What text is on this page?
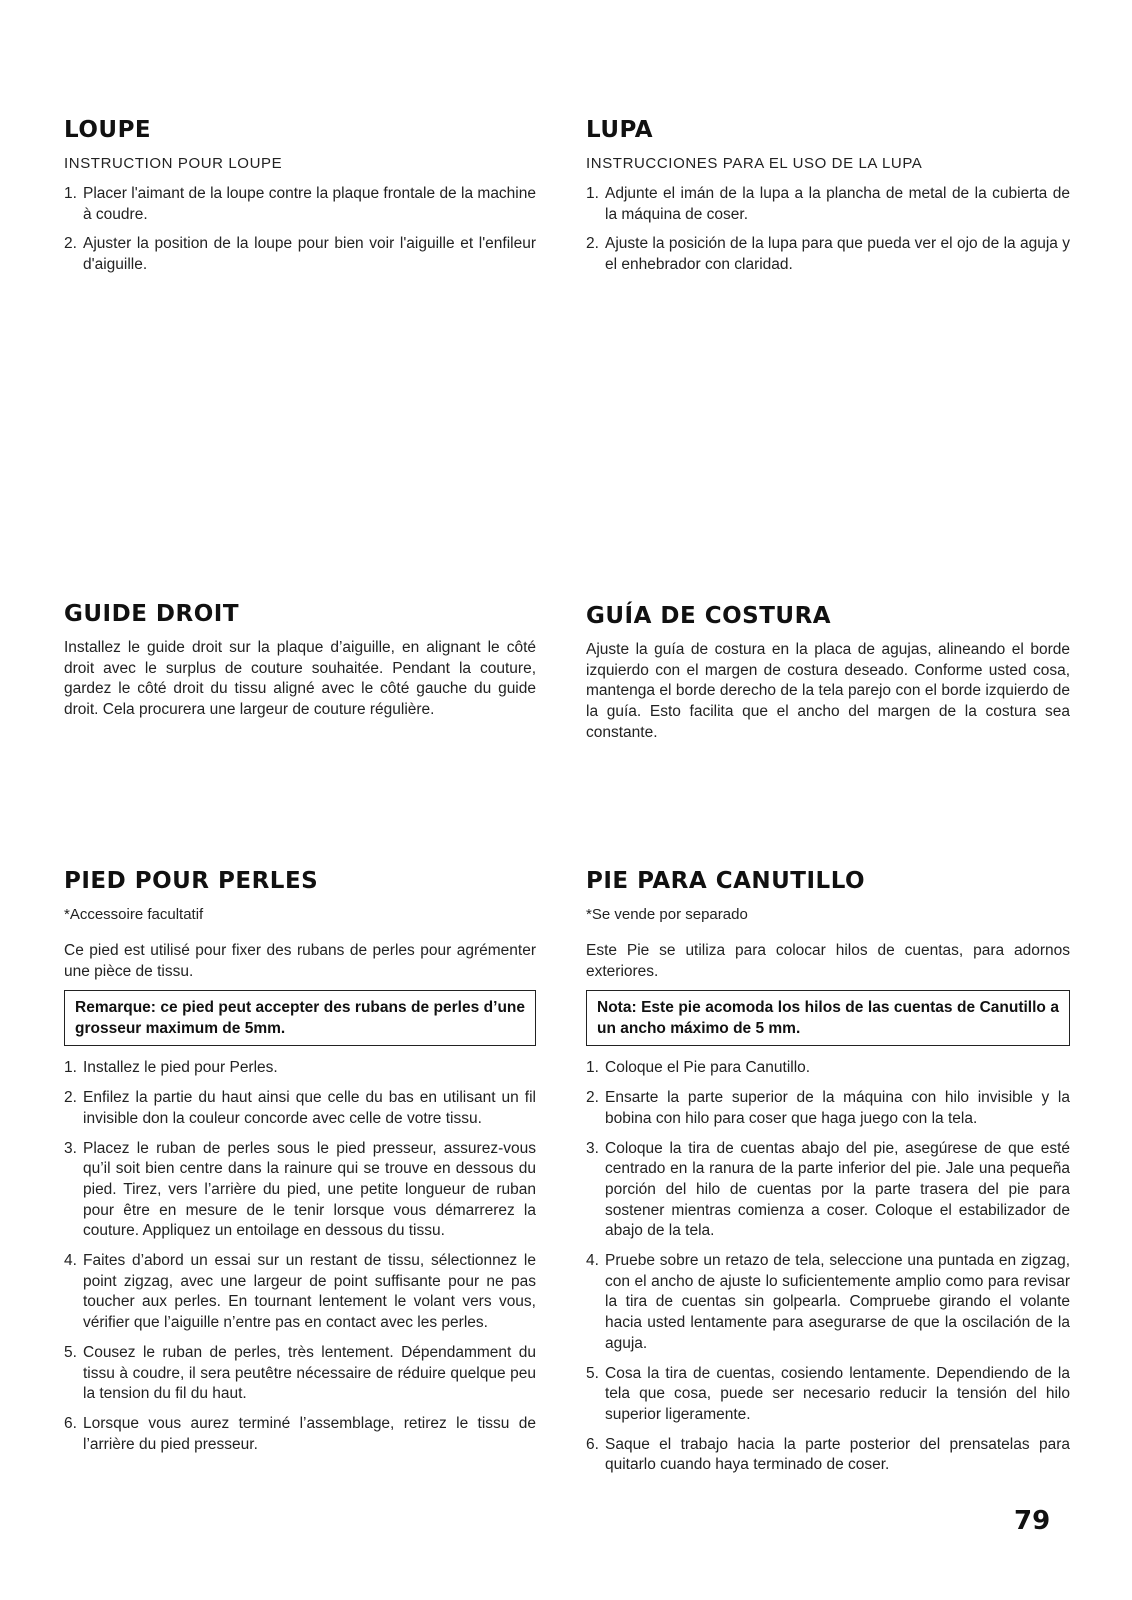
LOUPE
INSTRUCTION POUR LOUPE
1. Placer l'aimant de la loupe contre la plaque frontale de la machine à coudre.
2. Ajuster la position de la loupe pour bien voir l'aiguille et l'enfileur d'aiguille.
GUIDE DROIT

Installez le guide droit sur la plaque d’aiguille, en alignant le côté droit avec le surplus de couture souhaitée. Pendant la couture, gardez le côté droit du tissu aligné avec le côté gauche du guide droit. Cela procurera une largeur de couture régulière.

PIED POUR PERLES
*Accessoire facultatif

Ce pied est utilisé pour fixer des rubans de perles pour agrémenter une pièce de tissu.

Remarque: ce pied peut accepter des rubans de perles d’une grosseur maximum de 5mm.
1. Installez le pied pour Perles.
2. Enfilez la partie du haut ainsi que celle du bas en utilisant un fil invisible don la couleur concorde avec celle de votre tissu.
3. Placez le ruban de perles sous le pied presseur, assurez-vous qu’il soit bien centre dans la rainure qui se trouve en dessous du pied. Tirez, vers l’arrière du pied, une petite longueur de ruban pour être en mesure de le tenir lorsque vous démarrerez la couture. Appliquez un entoilage en dessous du tissu.
4. Faites d’abord un essai sur un restant de tissu, sélectionnez le point zigzag, avec une largeur de point suffisante pour ne pas toucher aux perles. En tournant lentement le volant vers vous, vérifier que l’aiguille n’entre pas en contact avec les perles.
5. Cousez le ruban de perles, très lentement. Dépendamment du tissu à coudre, il sera peutêtre nécessaire de réduire quelque peu la tension du fil du haut.
6. Lorsque vous aurez terminé l’assemblage, retirez le tissu de l’arrière du pied presseur.
LUPA
INSTRUCCIONES PARA EL USO DE LA LUPA
1. Adjunte el imán de la lupa a la plancha de metal de la cubierta de la máquina de coser.
2. Ajuste la posición de la lupa para que pueda ver el ojo de la aguja y el enhebrador con claridad.
GUÍA DE COSTURA

Ajuste la guía de costura en la placa de agujas, alineando el borde izquierdo con el margen de costura deseado. Conforme usted cosa, mantenga el borde derecho de la tela parejo con el borde izquierdo de la guía. Esto facilita que el ancho del margen de la costura sea constante.

PIE PARA CANUTILLO
*Se vende por separado

Este Pie se utiliza para colocar hilos de cuentas, para adornos exteriores.

Nota: Este pie acomoda los hilos de las cuentas de Canutillo a un ancho máximo de 5 mm.
1. Coloque el Pie para Canutillo.
2. Ensarte la parte superior de la máquina con hilo invisible y la bobina con hilo para coser que haga juego con la tela.
3. Coloque la tira de cuentas abajo del pie, asegúrese de que esté centrado en la ranura de la parte inferior del pie. Jale una pequeña porción del hilo de cuentas por la parte trasera del pie para sostener mientras comienza a coser. Coloque el estabilizador de abajo de la tela.
4. Pruebe sobre un retazo de tela, seleccione una puntada en zigzag, con el ancho de ajuste lo suficientemente amplio como para revisar la tira de cuentas sin golpearla. Compruebe girando el volante hacia usted lentamente para asegurarse de que la oscilación de la aguja.
5. Cosa la tira de cuentas, cosiendo lentamente. Dependiendo de la tela que cosa, puede ser necesario reducir la tensión del hilo superior ligeramente.
6. Saque el trabajo hacia la parte posterior del prensatelas para quitarlo cuando haya terminado de coser.
79
